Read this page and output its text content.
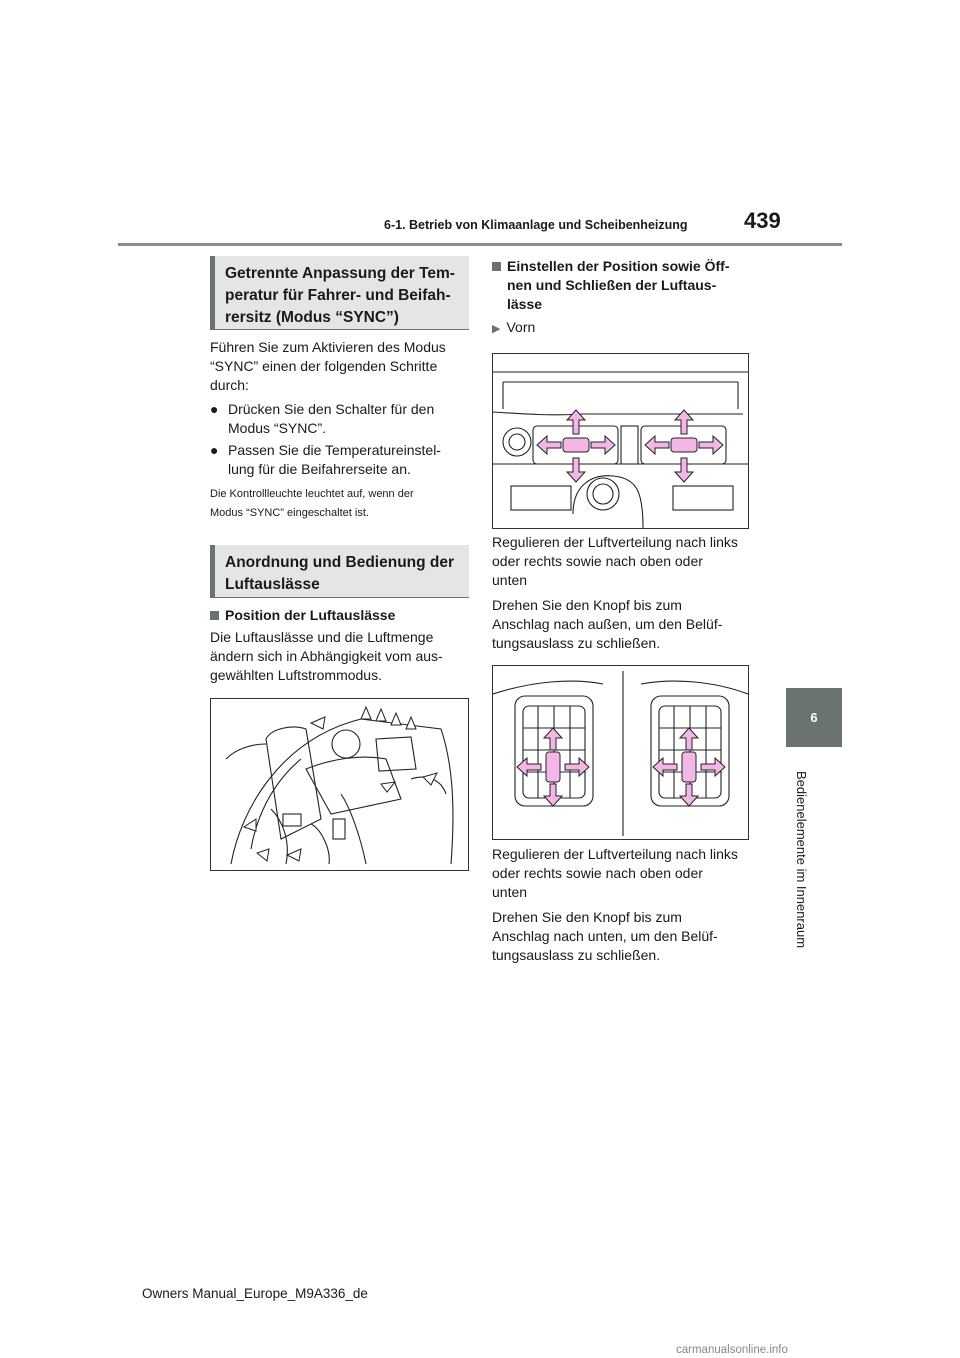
6-1. Betrieb von Klimaanlage und Scheibenheizung	439
6
Bedienelemente im Innenraum
Getrennte Anpassung der Tem-
peratur für Fahrer- und Beifah-
rersitz (Modus “SYNC”)
Führen Sie zum Aktivieren des Modus
“SYNC” einen der folgenden Schritte
durch:
● Drücken Sie den Schalter für den
Modus “SYNC”.
● Passen Sie die Temperatureinstel-
lung für die Beifahrerseite an.
Die Kontrollleuchte leuchtet auf, wenn der
Modus “SYNC” eingeschaltet ist.
Anordnung und Bedienung der
Luftauslässe
Position der Luftauslässe
Die Luftauslässe und die Luftmenge
ändern sich in Abhängigkeit vom aus-
gewählten Luftstrommodus.
Einstellen der Position sowie Öff-
nen und Schließen der Luftaus-
lässe
▶ Vorn
Regulieren der Luftverteilung nach links
oder rechts sowie nach oben oder
unten
Drehen Sie den Knopf bis zum
Anschlag nach außen, um den Belüf-
tungsauslass zu schließen.
Regulieren der Luftverteilung nach links
oder rechts sowie nach oben oder
unten
Drehen Sie den Knopf bis zum
Anschlag nach unten, um den Belüf-
tungsauslass zu schließen.
Owners Manual_Europe_M9A336_de
carmanualsonline.info
